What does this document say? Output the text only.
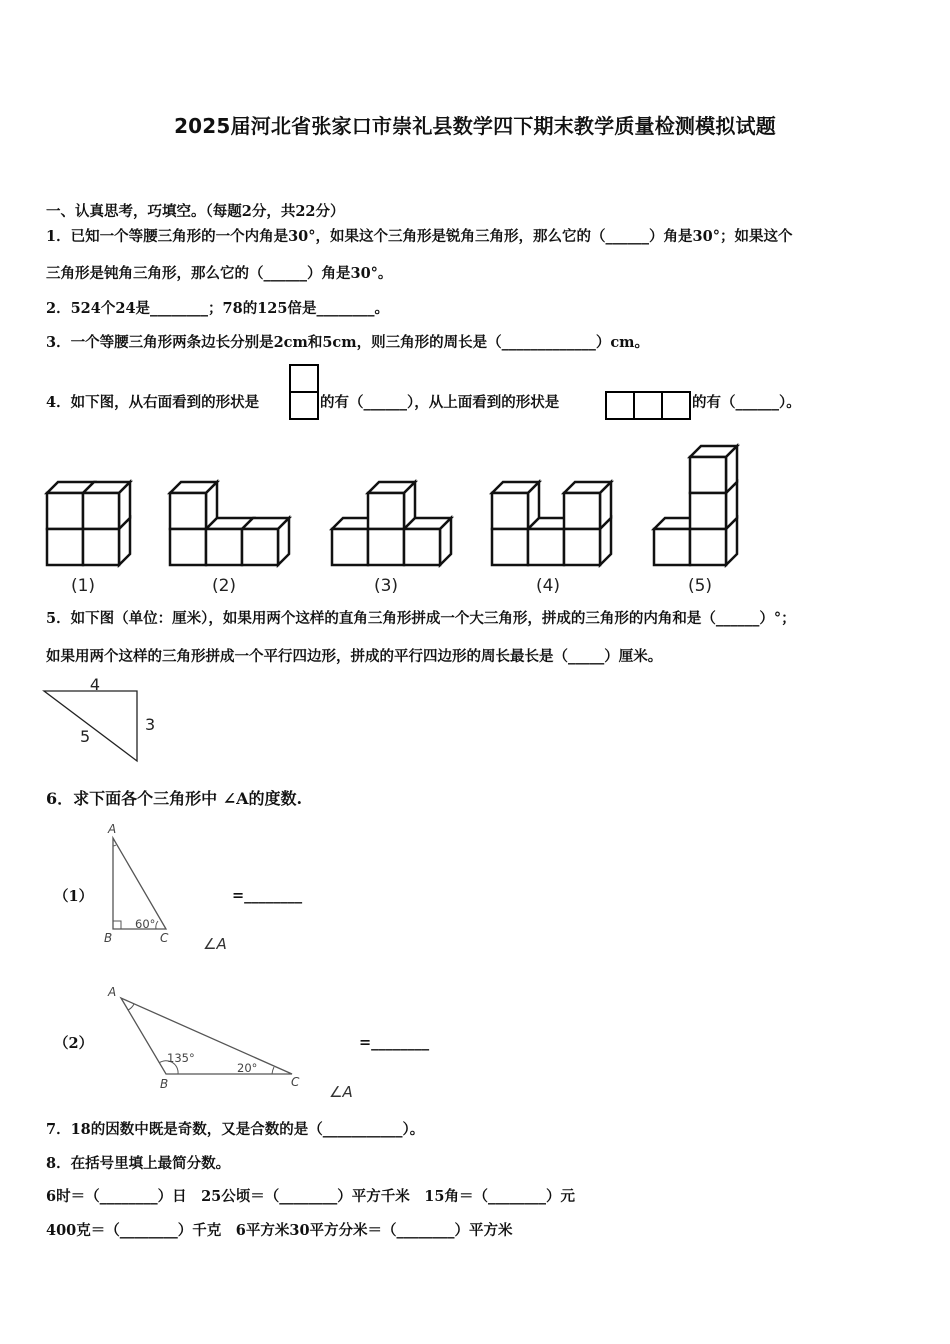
2025届河北省张家口市崇礼县数学四下期末教学质量检测模拟试题
一、认真思考，巧填空。（每题2分，共22分）
1．已知一个等腰三角形的一个内角是30°，如果这个三角形是锐角三角形，那么它的（______）角是30°；如果这个
三角形是钝角三角形，那么它的（______）角是30°。
2．524个24是________；78的125倍是________。
3．一个等腰三角形两条边长分别是2cm和5cm，则三角形的周长是（_____________）cm。
4．如下图，从右面看到的形状是	的有（______），从上面看到的形状是	的有（______）。
(1)	(2)	(3)	(4)	(5)
5．如下图（单位：厘米），如果用两个这样的直角三角形拼成一个大三角形，拼成的三角形的内角和是（______）°；
如果用两个这样的三角形拼成一个平行四边形，拼成的平行四边形的周长最长是（_____）厘米。
4
3
5
6．求下面各个三角形中 ∠A的度数.
（1）
A
B	C
60°
∠A
=________
（2）
A
B	C
135°
20°
∠A
=________
7．18的因数中既是奇数，又是合数的是（___________）。
8．在括号里填上最简分数。
6时＝（________）日　25公顷＝（________）平方千米　15角＝（________）元
400克＝（________）千克　6平方米30平方分米＝（________）平方米
